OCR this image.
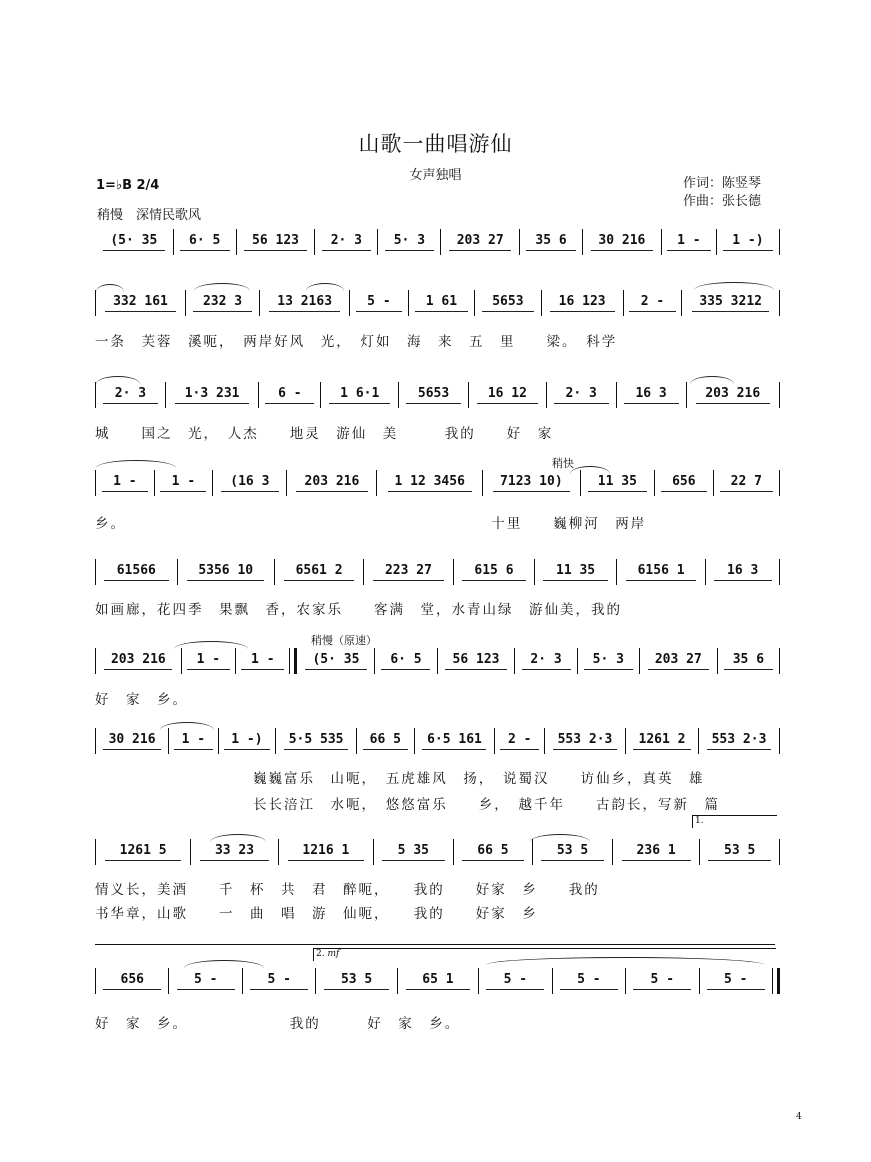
山歌一曲唱游仙
女声独唱
作词：陈竖琴
作曲：张长德
1=♭B 2/4
稍慢　深情民歌风
稍快
稍慢（原速）
1.
2. mf
(5· 35	6· 5	56 123	2· 3	5· 3	203 27	35 6	30 216	1 -	1 -)
332 161	232 3	13 2163	5 -	1 61	5653	16 123	2 -	335 3212
一条　芙蓉　溪呃，　两岸好风　光，　灯如　海　来　五　里　　梁。　科学
2· 3	1·3 231	6 -	1 6·1	5653	16 12	2· 3	16 3	203 216
城　　国之　光，　人杰　　地灵　游仙　美　　　我的　　好　家
1 -	1 -	(16 3	203 216	1 12 3456	7123 10)	11 35	656	22 7
乡。　　　　　　　　　　　　　　　　　　　　　　　　十里　　巍柳河　两岸
61566	5356 10	6561 2	223 27	615 6	11 35	6156 1	16 3
如画廊，花四季　果飘　香，农家乐　　客满　堂，水青山绿　游仙美，我的
203 216	1 -	1 -	(5· 35	6· 5	56 123	2· 3	5· 3	203 27	35 6
好　家　乡。
30 216	1 -	1 -)	5·5 535	66 5	6·5 161	2 -	553 2·3	1261 2	553 2·3
巍巍富乐　山呃，　五虎雄风　扬，　说蜀汉　　访仙乡，真英　雄
长长涪江　水呃，　悠悠富乐　　乡，　越千年　　古韵长，写新　篇
1261 5	33 23	1216 1	5 35	66 5	53 5	236 1	53 5
情义长，美酒　　千　杯　共　君　醉呃，　　我的　　好家　乡　　我的
书华章，山歌　　一　曲　唱　游　仙呃，　　我的　　好家　乡
656	5 -	5 -	53 5	65 1	5 -	5 -	5 -	5 -
好　家　乡。　　　　　　　我的　　　好　家　乡。
4
